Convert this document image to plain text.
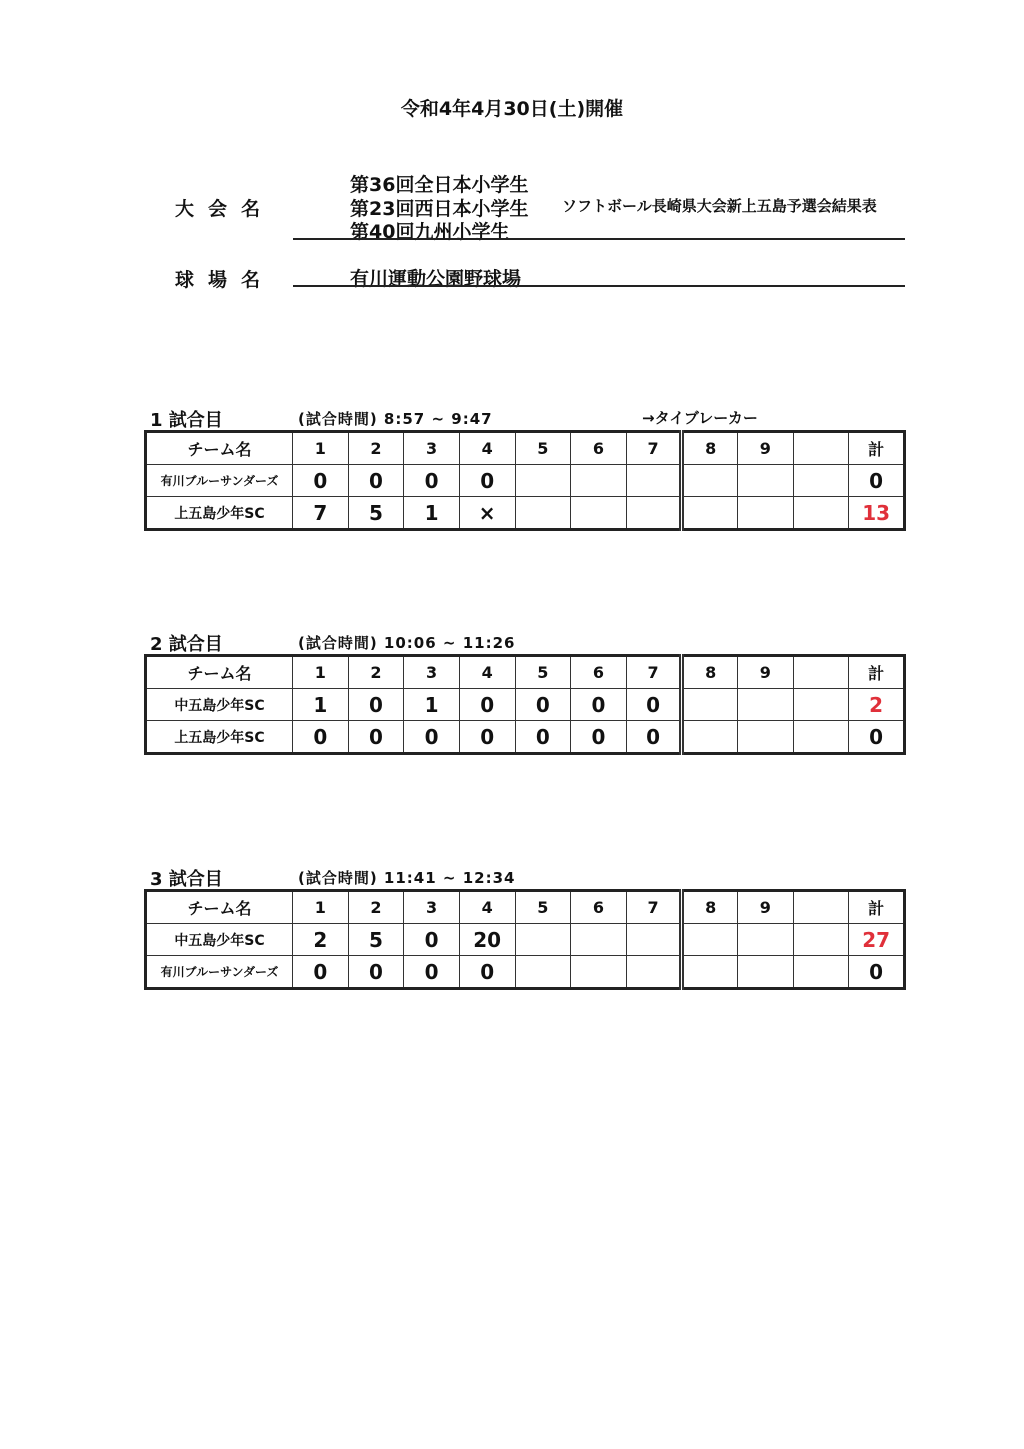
令和4年4月30日(土)開催
大会名
第36回全日本小学生
第23回西日本小学生
第40回九州小学生
ソフトボール長崎県大会新上五島予選会結果表
球場名	有川運動公園野球場
1 試合目	(試合時間) 8:57 ~ 9:47	→タイブレーカー
チーム名	1	2	3	4	5	6	7	8	9		計
有川ブルーサンダーズ	0	0	0	0							0
上五島少年SC	7	5	1	×							13
2 試合目	(試合時間) 10:06 ~ 11:26
チーム名	1	2	3	4	5	6	7	8	9		計
中五島少年SC	1	0	1	0	0	0	0				2
上五島少年SC	0	0	0	0	0	0	0				0
3 試合目	(試合時間) 11:41 ~ 12:34
チーム名	1	2	3	4	5	6	7	8	9		計
中五島少年SC	2	5	0	20							27
有川ブルーサンダーズ	0	0	0	0							0
